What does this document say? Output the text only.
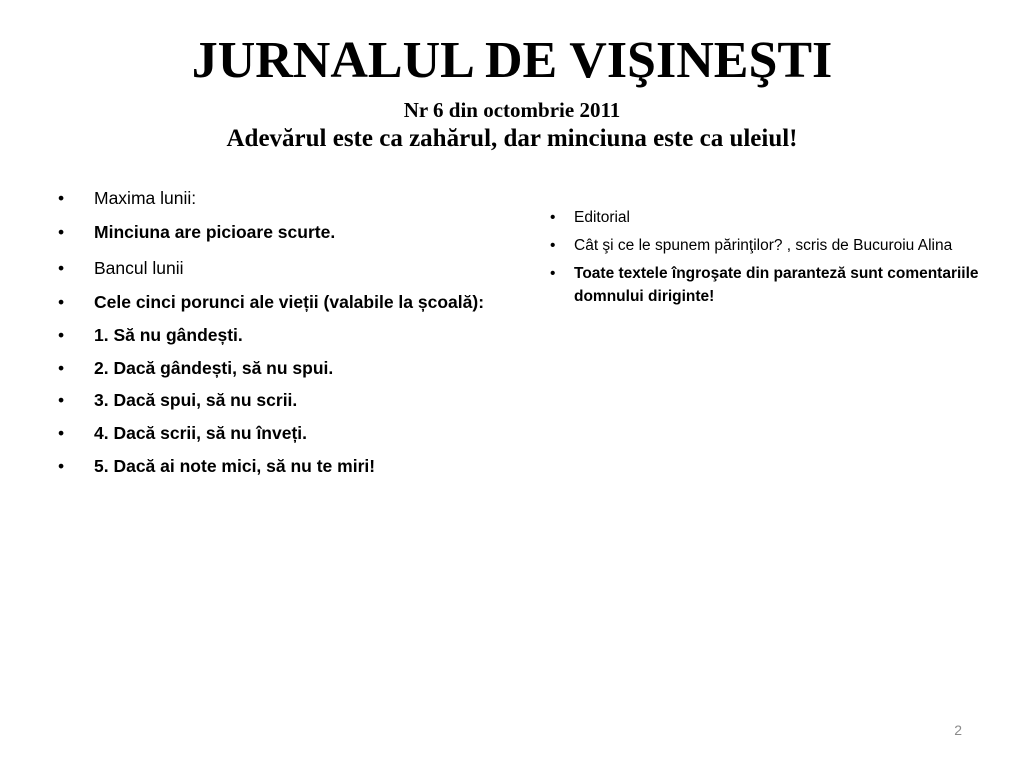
JURNALUL DE VIŞINEŞTI
Nr 6 din octombrie 2011
Adevărul este ca zahărul, dar minciuna este ca uleiul!
• Maxima lunii:
• Minciuna are picioare scurte.
• Bancul lunii
• Cele cinci porunci ale vieții (valabile la școală):
• 1. Să nu gândești.
• 2. Dacă gândești, să nu spui.
• 3. Dacă spui, să nu scrii.
• 4. Dacă scrii, să nu înveți.
• 5. Dacă ai note mici, să nu te miri!
• Editorial
• Cât şi ce le spunem părinţilor? , scris de Bucuroiu Alina
• Toate textele îngroşate din paranteză sunt comentariile domnului diriginte!
2
